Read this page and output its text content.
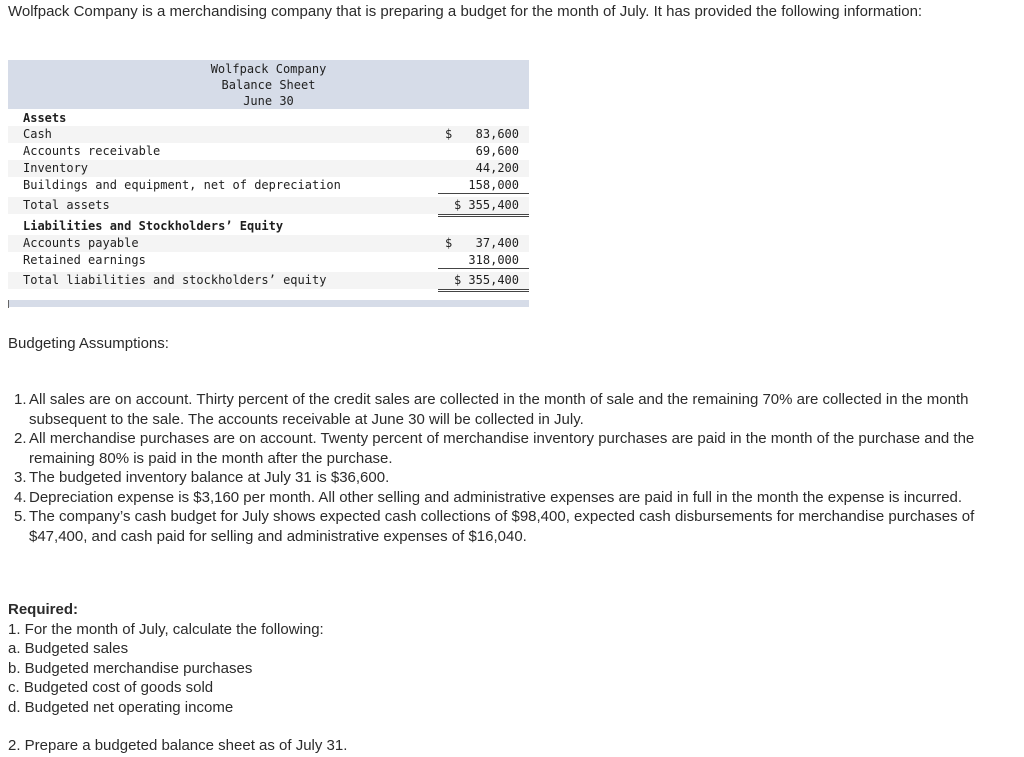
Wolfpack Company is a merchandising company that is preparing a budget for the month of July. It has provided the following information:
Wolfpack Company
Balance Sheet
June 30
Assets
Cash	$ 83,600
Accounts receivable	69,600
Inventory	44,200
Buildings and equipment, net of depreciation	158,000
Total assets	$ 355,400
Liabilities and Stockholders’ Equity
Accounts payable	$ 37,400
Retained earnings	318,000
Total liabilities and stockholders’ equity	$ 355,400
Budgeting Assumptions:
1. All sales are on account. Thirty percent of the credit sales are collected in the month of sale and the remaining 70% are collected in the month subsequent to the sale. The accounts receivable at June 30 will be collected in July.
2. All merchandise purchases are on account. Twenty percent of merchandise inventory purchases are paid in the month of the purchase and the remaining 80% is paid in the month after the purchase.
3. The budgeted inventory balance at July 31 is $36,600.
4. Depreciation expense is $3,160 per month. All other selling and administrative expenses are paid in full in the month the expense is incurred.
5. The company’s cash budget for July shows expected cash collections of $98,400, expected cash disbursements for merchandise purchases of $47,400, and cash paid for selling and administrative expenses of $16,040.
Required:
1. For the month of July, calculate the following:
a. Budgeted sales
b. Budgeted merchandise purchases
c. Budgeted cost of goods sold
d. Budgeted net operating income
2. Prepare a budgeted balance sheet as of July 31.
